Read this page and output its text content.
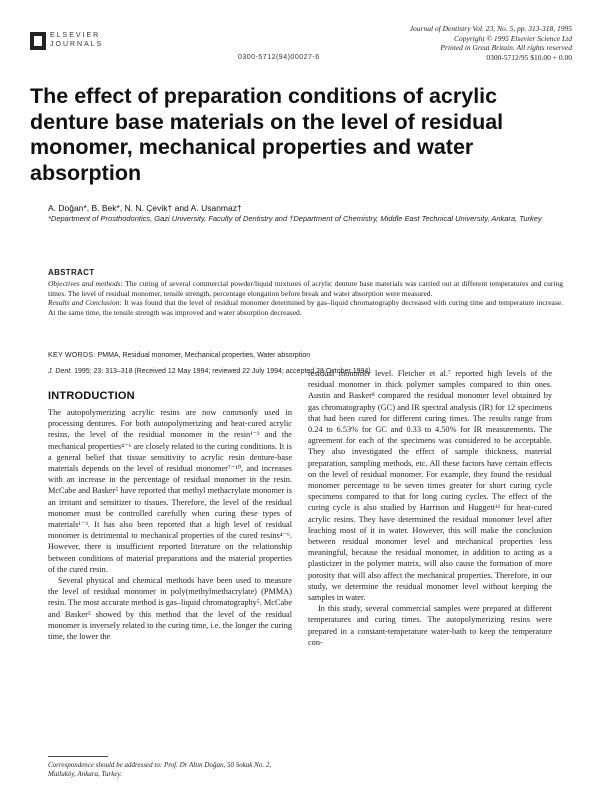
ELSEVIER
JOURNALS
0300-5712(94)00027-6
Journal of Dentistry Vol. 23, No. 5, pp. 313-318, 1995
Copyright © 1995 Elsevier Science Ltd
Printed in Great Britain. All rights reserved
0300-5712/95 $10.00 + 0.00
The effect of preparation conditions of acrylic denture base materials on the level of residual monomer, mechanical properties and water absorption
A. Doğan*, B. Bek*, N. N. Çevik† and A. Usanmaz†
*Department of Prosthodontics, Gazi University, Faculty of Dentistry and †Department of Chemistry, Middle East Technical University, Ankara, Turkey
ABSTRACT

Objectives and methods: The curing of several commercial powder/liquid mixtures of acrylic denture base materials was carried out at different temperatures and curing times. The level of residual monomer, tensile strength, percentage elongation before break and water absorption were measured.
Results and Conclusion: It was found that the level of residual monomer determined by gas–liquid chromatography decreased with curing time and temperature increase. At the same time, the tensile strength was improved and water absorption decreased.

KEY WORDS: PMMA, Residual monomer, Mechanical properties, Water absorption
J. Dent. 1995; 23: 313–318 (Received 12 May 1994; reviewed 22 July 1994; accepted 28 October 1994)
INTRODUCTION

The autopolymerizing acrylic resins are now commonly used in processing dentures. For both autopolymerizing and heat-cured acrylic resins, the level of the residual monomer in the resin¹⁻³ and the mechanical properties⁴⁻⁶ are closely related to the curing conditions. It is a general belief that tissue sensitivity to acrylic resin denture-base materials depends on the level of residual monomer⁷⁻¹⁰, and increases with an increase in the percentage of residual monomer in the resin. McCabe and Basker⁵ have reported that methyl methacrylate monomer is an irritant and sensitizer to tissues. Therefore, the level of the residual monomer must be controlled carefully when curing these types of materials¹⁻³. It has also been reported that a high level of residual monomer is detrimental to mechanical properties of the cured resins⁴⁻⁶. However, there is insufficient reported literature on the relationship between conditions of material preparations and the material properties of the cured resin.

Several physical and chemical methods have been used to measure the level of residual monomer in poly(methylmethacrylate) (PMMA) resin. The most accurate method is gas–liquid chromatography⁵. McCabe and Basker⁵ showed by this method that the level of the residual monomer is inversely related to the curing time, i.e. the longer the curing time, the lower the

residual monomer level. Fletcher et al.⁷ reported high levels of the residual monomer in thick polymer samples compared to thin ones. Austin and Basker⁸ compared the residual monomer level obtained by gas chromatography (GC) and IR spectral analysis (IR) for 12 specimens that had been cured for different curing times. The results range from 0.24 to 6.53% for GC and 0.33 to 4.50% for IR measurements. The agreement for each of the specimens was considered to be acceptable. They also investigated the effect of sample thickness, material preparation, sampling methods, etc. All these factors have certain effects on the level of residual monomer. For example, they found the residual monomer percentage to be seven times greater for short curing cycle specimens compared to that for long curing cycles. The effect of the curing cycle is also studied by Harrison and Huggett¹² for heat-cured acrylic resins. They have determined the residual monomer level after leaching most of it in water. However, this will make the conclusion between residual monomer level and mechanical properties less meaningful, because the residual monomer, in addition to acting as a plasticizer in the polymer matrix, will also cause the formation of more porosity that will also affect the mechanical properties. Therefore, in our study, we determine the residual monomer level without keeping the samples in water.

In this study, several commercial samples were prepared at different temperatures and curing times. The autopolymerizing resins were prepared in a constant-temperature water-bath to keep the temperature con-

Correspondence should be addressed to: Prof. Dr Altın Doğan, 50 Sokak No. 2, Mutluköy, Ankara, Turkey.
